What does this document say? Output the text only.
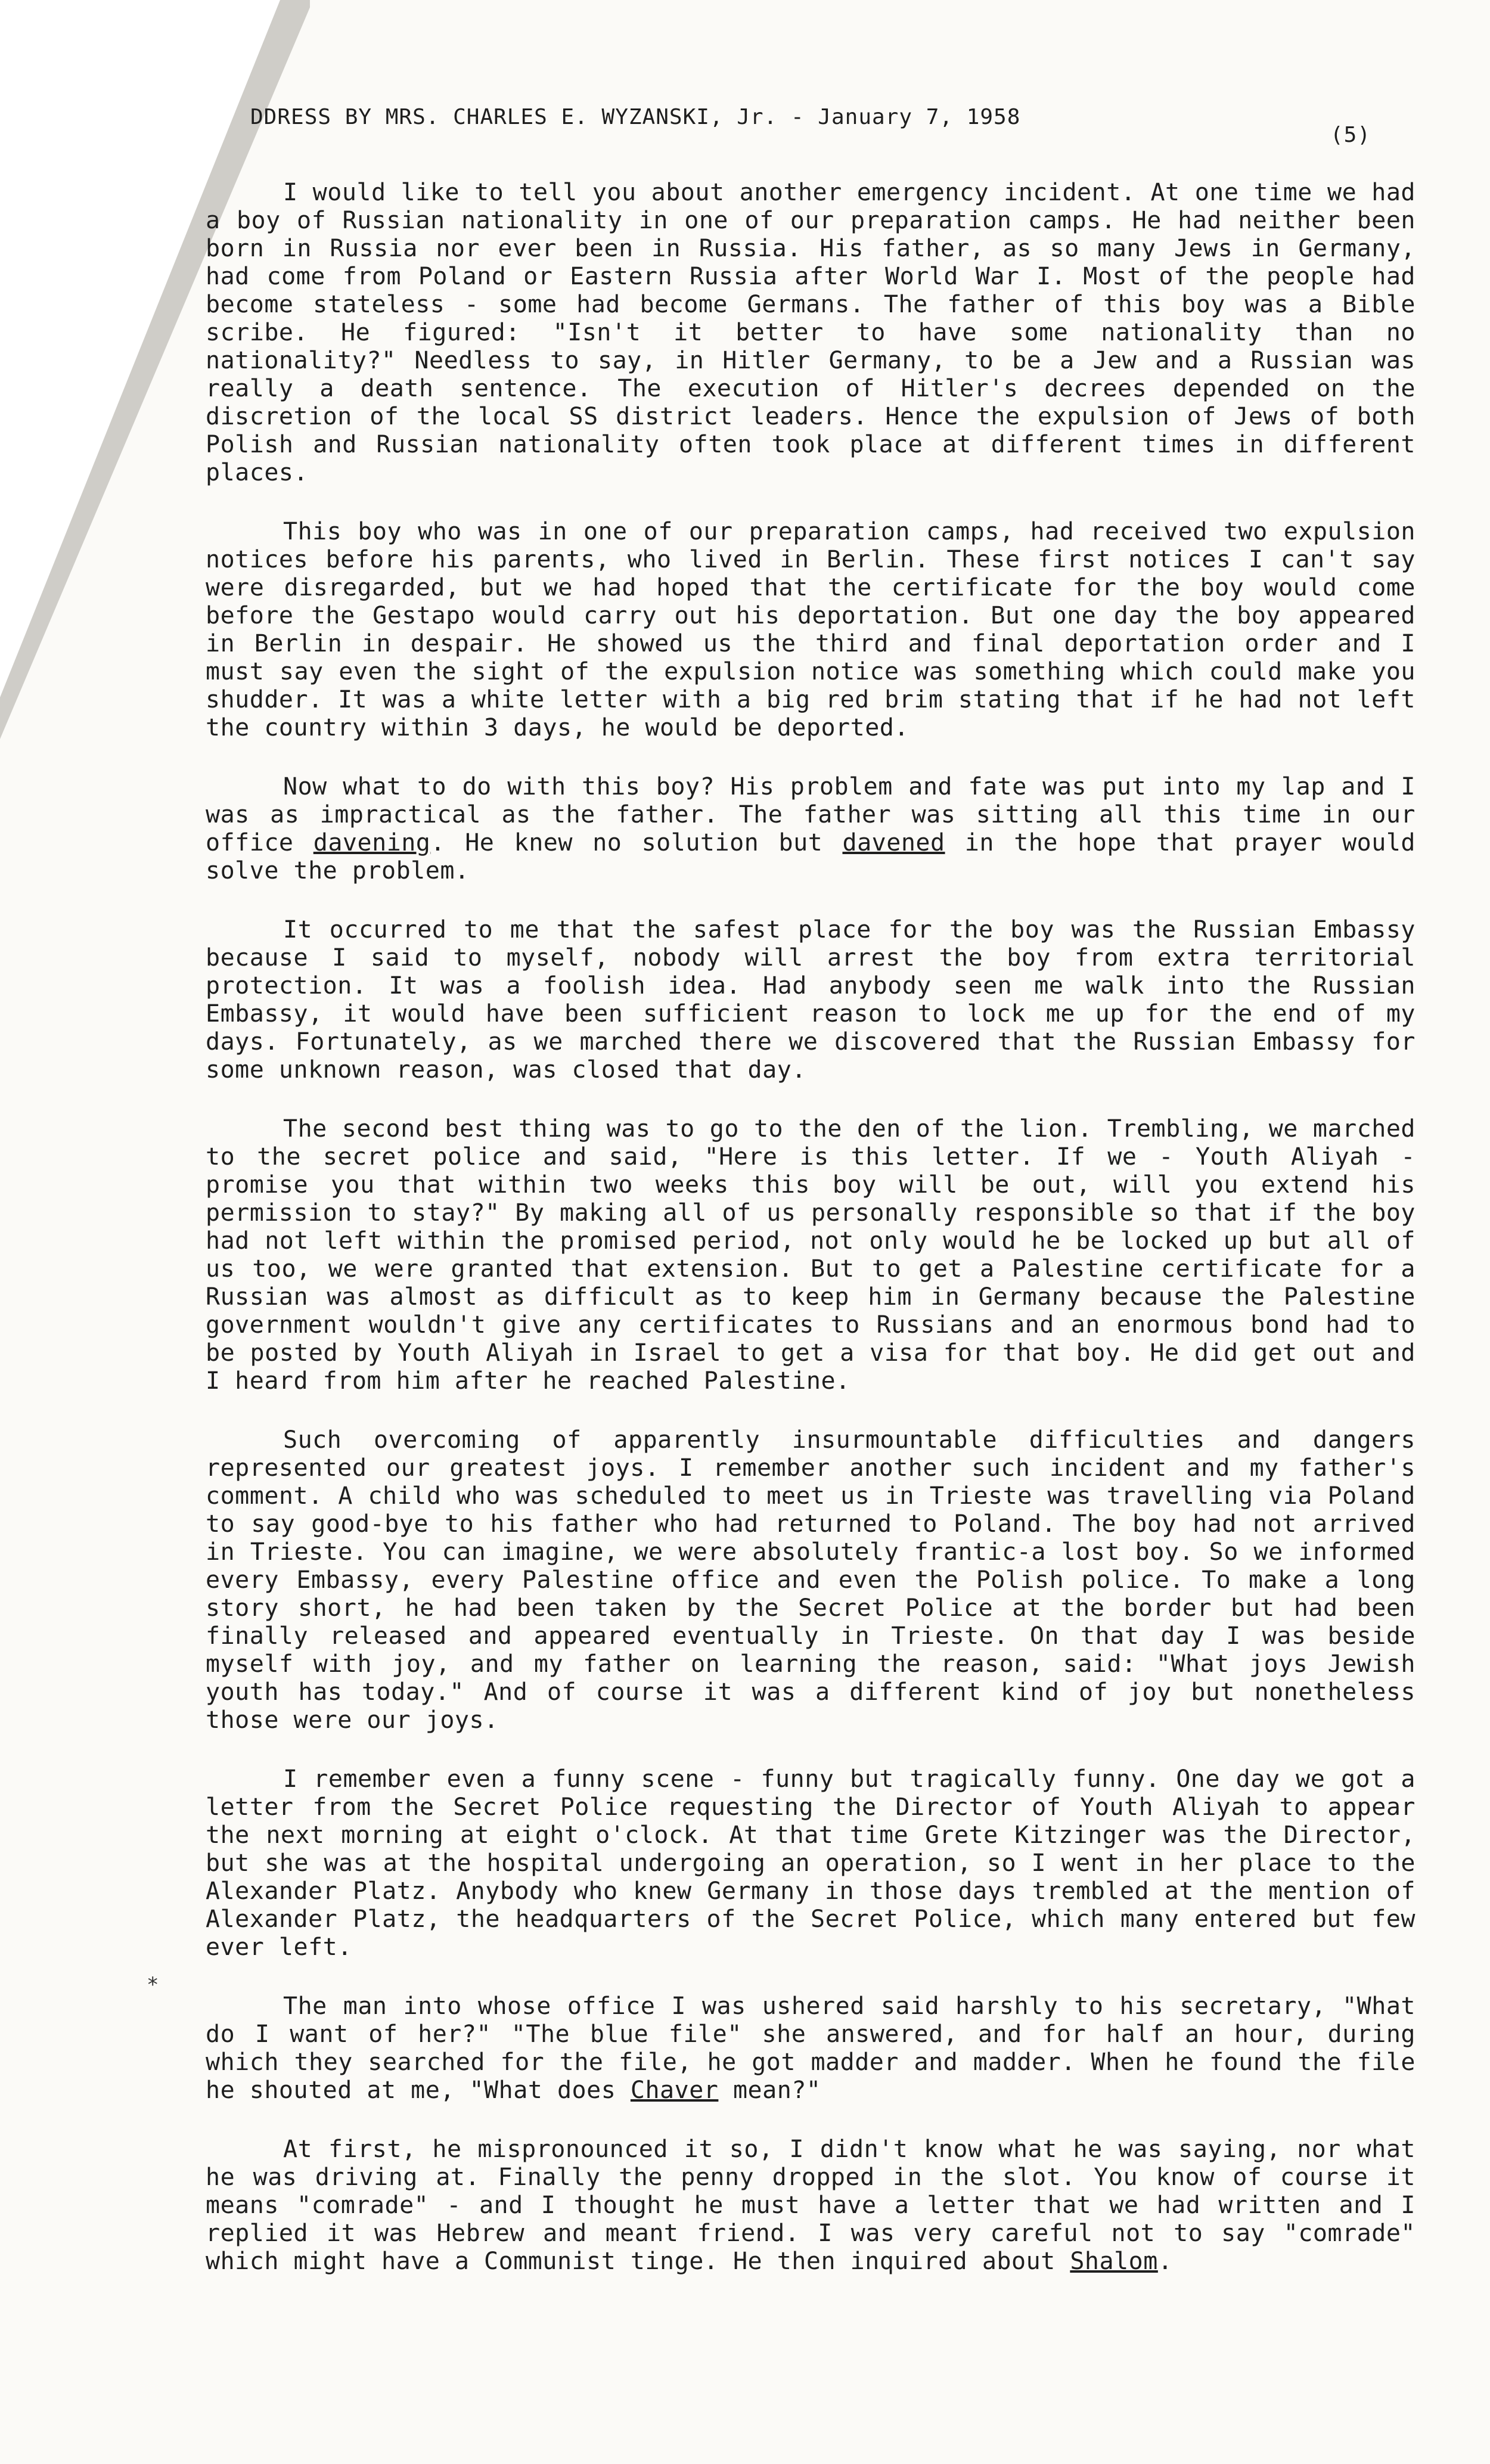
DDRESS BY MRS. CHARLES E. WYZANSKI, Jr. - January 7, 1958
(5)

I would like to tell you about another emergency incident. At one time we had a boy of Russian nationality in one of our preparation camps. He had neither been born in Russia nor ever been in Russia. His father, as so many Jews in Germany, had come from Poland or Eastern Russia after World War I. Most of the people had become stateless - some had become Germans. The father of this boy was a Bible scribe. He figured: "Isn't it better to have some nationality than no nationality?" Needless to say, in Hitler Germany, to be a Jew and a Russian was really a death sentence. The execution of Hitler's decrees depended on the discretion of the local SS district leaders. Hence the expulsion of Jews of both Polish and Russian nationality often took place at different times in different places.

This boy who was in one of our preparation camps, had received two expulsion notices before his parents, who lived in Berlin. These first notices I can't say were disregarded, but we had hoped that the certificate for the boy would come before the Gestapo would carry out his deportation. But one day the boy appeared in Berlin in despair. He showed us the third and final deportation order and I must say even the sight of the expulsion notice was something which could make you shudder. It was a white letter with a big red brim stating that if he had not left the country within 3 days, he would be deported.

Now what to do with this boy? His problem and fate was put into my lap and I was as impractical as the father. The father was sitting all this time in our office davening. He knew no solution but davened in the hope that prayer would solve the problem.

It occurred to me that the safest place for the boy was the Russian Embassy because I said to myself, nobody will arrest the boy from extra territorial protection. It was a foolish idea. Had anybody seen me walk into the Russian Embassy, it would have been sufficient reason to lock me up for the end of my days. Fortunately, as we marched there we discovered that the Russian Embassy for some unknown reason, was closed that day.

The second best thing was to go to the den of the lion. Trembling, we marched to the secret police and said, "Here is this letter. If we - Youth Aliyah - promise you that within two weeks this boy will be out, will you extend his permission to stay?" By making all of us personally responsible so that if the boy had not left within the promised period, not only would he be locked up but all of us too, we were granted that extension. But to get a Palestine certificate for a Russian was almost as difficult as to keep him in Germany because the Palestine government wouldn't give any certificates to Russians and an enormous bond had to be posted by Youth Aliyah in Israel to get a visa for that boy. He did get out and I heard from him after he reached Palestine.

Such overcoming of apparently insurmountable difficulties and dangers represented our greatest joys. I remember another such incident and my father's comment. A child who was scheduled to meet us in Trieste was travelling via Poland to say good-bye to his father who had returned to Poland. The boy had not arrived in Trieste. You can imagine, we were absolutely frantic-a lost boy. So we informed every Embassy, every Palestine office and even the Polish police. To make a long story short, he had been taken by the Secret Police at the border but had been finally released and appeared eventually in Trieste. On that day I was beside myself with joy, and my father on learning the reason, said: "What joys Jewish youth has today." And of course it was a different kind of joy but nonetheless those were our joys.

I remember even a funny scene - funny but tragically funny. One day we got a letter from the Secret Police requesting the Director of Youth Aliyah to appear the next morning at eight o'clock. At that time Grete Kitzinger was the Director, but she was at the hospital undergoing an operation, so I went in her place to the Alexander Platz. Anybody who knew Germany in those days trembled at the mention of Alexander Platz, the headquarters of the Secret Police, which many entered but few ever left.

The man into whose office I was ushered said harshly to his secretary, "What do I want of her?" "The blue file" she answered, and for half an hour, during which they searched for the file, he got madder and madder. When he found the file he shouted at me, "What does Chaver mean?"

At first, he mispronounced it so, I didn't know what he was saying, nor what he was driving at. Finally the penny dropped in the slot. You know of course it means "comrade" - and I thought he must have a letter that we had written and I replied it was Hebrew and meant friend. I was very careful not to say "comrade" which might have a Communist tinge. He then inquired about Shalom.

*
